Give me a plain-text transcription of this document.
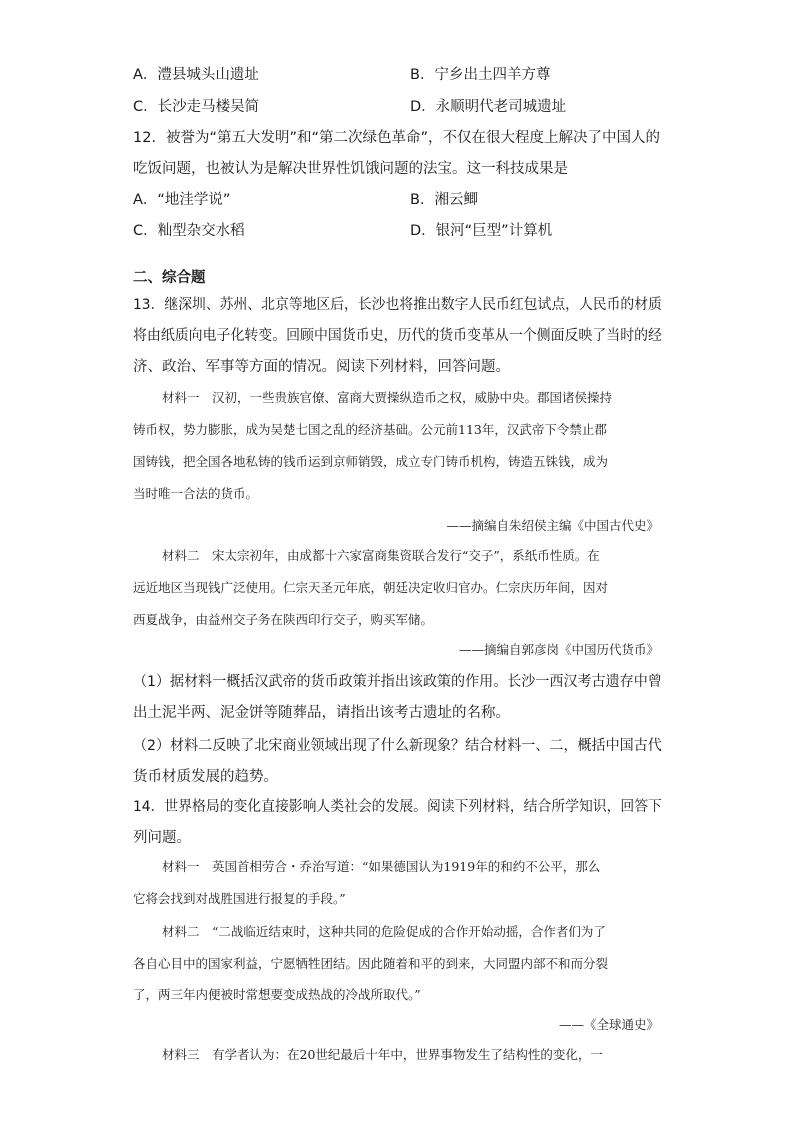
A．澧县城头山遗址	B．宁乡出土四羊方尊
C．长沙走马楼吴简	D．永顺明代老司城遗址
12．被誉为“第五大发明”和“第二次绿色革命”，不仅在很大程度上解决了中国人的
吃饭问题，也被认为是解决世界性饥饿问题的法宝。这一科技成果是
A．“地洼学说”	B．湘云鲫
C．籼型杂交水稻	D．银河“巨型”计算机
二、综合题
13．继深圳、苏州、北京等地区后，长沙也将推出数字人民币红包试点，人民币的材质
将由纸质向电子化转变。回顾中国货币史，历代的货币变革从一个侧面反映了当时的经
济、政治、军事等方面的情况。阅读下列材料，回答问题。
材料一　汉初，一些贵族官僚、富商大贾操纵造币之权，威胁中央。郡国诸侯操持
铸币权，势力膨胀，成为吴楚七国之乱的经济基础。公元前113年，汉武帝下令禁止郡
国铸钱，把全国各地私铸的钱币运到京师销毁，成立专门铸币机构，铸造五铢钱，成为
当时唯一合法的货币。
——摘编自朱绍侯主编《中国古代史》
材料二　宋太宗初年，由成都十六家富商集资联合发行“交子”，系纸币性质。在
远近地区当现钱广泛使用。仁宗天圣元年底，朝廷决定收归官办。仁宗庆历年间，因对
西夏战争，由益州交子务在陕西印行交子，购买军储。
——摘编自郭彦岗《中国历代货币》
（1）据材料一概括汉武帝的货币政策并指出该政策的作用。长沙一西汉考古遗存中曾
出土泥半两、泥金饼等随葬品，请指出该考古遗址的名称。
（2）材料二反映了北宋商业领域出现了什么新现象？结合材料一、二，概括中国古代
货币材质发展的趋势。
14．世界格局的变化直接影响人类社会的发展。阅读下列材料，结合所学知识，回答下
列问题。
材料一　英国首相劳合・乔治写道：“如果德国认为1919年的和约不公平，那么
它将会找到对战胜国进行报复的手段。”
材料二　“二战临近结束时，这种共同的危险促成的合作开始动摇，合作者们为了
各自心目中的国家利益，宁愿牺牲团结。因此随着和平的到来，大同盟内部不和而分裂
了，两三年内便被时常想要变成热战的冷战所取代。”
——《全球通史》
材料三　有学者认为：在20世纪最后十年中，世界事物发生了结构性的变化，一
